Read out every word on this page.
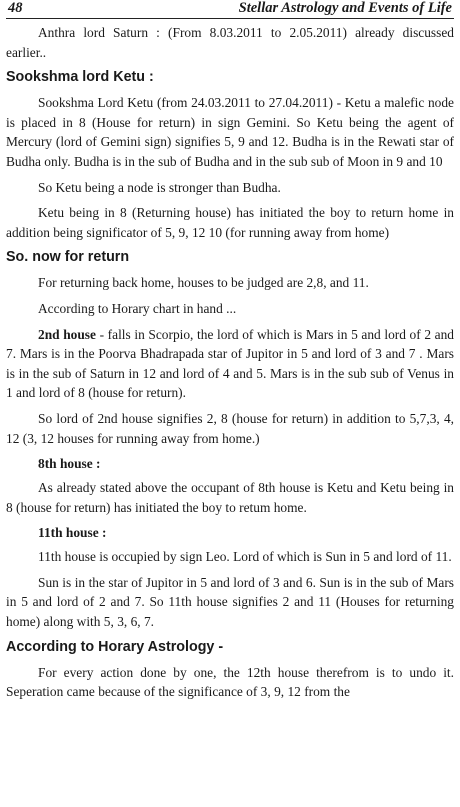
48	Stellar Astrology and Events of Life

Anthra lord Saturn : (From 8.03.2011 to 2.05.2011) already discussed earlier..

Sookshma lord Ketu :

Sookshma Lord Ketu (from 24.03.2011 to 27.04.2011) - Ketu a malefic node is placed in 8 (House for return) in sign Gemini. So Ketu being the agent of Mercury (lord of Gemini sign) signifies 5, 9 and 12. Budha is in the Rewati star of Budha only. Budha is in the sub of Budha and in the sub sub of Moon in 9 and 10

So Ketu being a node is stronger than Budha.

Ketu being in 8 (Returning house) has initiated the boy to return home in addition being significator of 5, 9, 12 10 (for running away from home)

So. now for return

For returning back home, houses to be judged are 2,8, and 11.

According to Horary chart in hand ...

2nd house - falls in Scorpio, the lord of which is Mars in 5 and lord of 2 and 7. Mars is in the Poorva Bhadrapada star of Jupitor in 5 and lord of 3 and 7 . Mars is in the sub of Saturn in 12 and lord of 4 and 5. Mars is in the sub sub of Venus in 1 and lord of 8 (house for return).

So lord of 2nd house signifies 2, 8 (house for return) in addition to 5,7,3, 4, 12 (3, 12 houses for running away from home.)

8th house :

As already stated above the occupant of 8th house is Ketu and Ketu being in 8 (house for return) has initiated the boy to retum home.

11th house :

11th house is occupied by sign Leo. Lord of which is Sun in 5 and lord of 11.

Sun is in the star of Jupitor in 5 and lord of 3 and 6. Sun is in the sub of Mars in 5 and lord of 2 and 7. So 11th house signifies 2 and 11 (Houses for returning home) along with 5, 3, 6, 7.

According to Horary Astrology -

For every action done by one, the 12th house therefrom is to undo it. Seperation came because of the significance of 3, 9, 12 from the
